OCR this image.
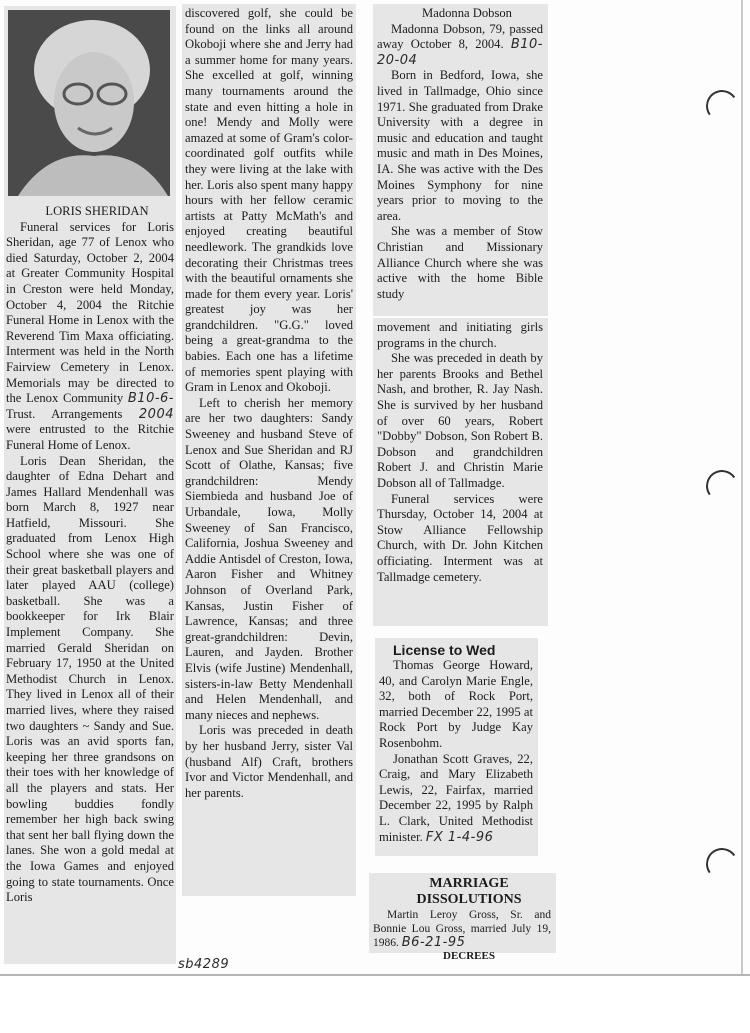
LORIS SHERIDAN

Funeral services for Loris Sheridan, age 77 of Lenox who died Saturday, October 2, 2004 at Greater Community Hospital in Creston were held Monday, October 4, 2004 the Ritchie Funeral Home in Lenox with the Reverend Tim Maxa officiating. Interment was held in the North Fairview Cemetery in Lenox. Memorials may be directed to the Lenox Community B10-6- Trust. Arrangements 2004 were entrusted to the Ritchie Funeral Home of Lenox.

Loris Dean Sheridan, the daughter of Edna Dehart and James Hallard Mendenhall was born March 8, 1927 near Hatfield, Missouri. She graduated from Lenox High School where she was one of their great basketball players and later played AAU (college) basketball. She was a bookkeeper for Irk Blair Implement Company. She married Gerald Sheridan on February 17, 1950 at the United Methodist Church in Lenox. They lived in Lenox all of their married lives, where they raised two daughters ~ Sandy and Sue. Loris was an avid sports fan, keeping her three grandsons on their toes with her knowledge of all the players and stats. Her bowling buddies fondly remember her high back swing that sent her ball flying down the lanes. She won a gold medal at the Iowa Games and enjoyed going to state tournaments. Once Loris

discovered golf, she could be found on the links all around Okoboji where she and Jerry had a summer home for many years. She excelled at golf, winning many tournaments around the state and even hitting a hole in one! Mendy and Molly were amazed at some of Gram's color-coordinated golf outfits while they were living at the lake with her. Loris also spent many happy hours with her fellow ceramic artists at Patty McMath's and enjoyed creating beautiful needlework. The grandkids love decorating their Christmas trees with the beautiful ornaments she made for them every year. Loris' greatest joy was her grandchildren. "G.G." loved being a great-grandma to the babies. Each one has a lifetime of memories spent playing with Gram in Lenox and Okoboji.

Left to cherish her memory are her two daughters: Sandy Sweeney and husband Steve of Lenox and Sue Sheridan and RJ Scott of Olathe, Kansas; five grandchildren: Mendy Siembieda and husband Joe of Urbandale, Iowa, Molly Sweeney of San Francisco, California, Joshua Sweeney and Addie Antisdel of Creston, Iowa, Aaron Fisher and Whitney Johnson of Overland Park, Kansas, Justin Fisher of Lawrence, Kansas; and three great-grandchildren: Devin, Lauren, and Jayden. Brother Elvis (wife Justine) Mendenhall, sisters-in-law Betty Mendenhall and Helen Mendenhall, and many nieces and nephews.

Loris was preceded in death by her husband Jerry, sister Val (husband Alf) Craft, brothers Ivor and Victor Mendenhall, and her parents.

Madonna Dobson

Madonna Dobson, 79, passed away October 8, 2004. B10-20-04

Born in Bedford, Iowa, she lived in Tallmadge, Ohio since 1971. She graduated from Drake University with a degree in music and education and taught music and math in Des Moines, IA. She was active with the Des Moines Symphony for nine years prior to moving to the area.

She was a member of Stow Christian and Missionary Alliance Church where she was active with the home Bible study

movement and initiating girls programs in the church.

She was preceded in death by her parents Brooks and Bethel Nash, and brother, R. Jay Nash. She is survived by her husband of over 60 years, Robert "Dobby" Dobson, Son Robert B. Dobson and grandchildren Robert J. and Christin Marie Dobson all of Tallmadge.

Funeral services were Thursday, October 14, 2004 at Stow Alliance Fellowship Church, with Dr. John Kitchen officiating. Interment was at Tallmadge cemetery.

License to Wed

Thomas George Howard, 40, and Carolyn Marie Engle, 32, both of Rock Port, married December 22, 1995 at Rock Port by Judge Kay Rosenbohm.

Jonathan Scott Graves, 22, Craig, and Mary Elizabeth Lewis, 22, Fairfax, married December 22, 1995 by Ralph L. Clark, United Methodist minister. FX 1-4-96

MARRIAGE

DISSOLUTIONS

Martin Leroy Gross, Sr. and Bonnie Lou Gross, married July 19, 1986. B6-21-95

DECREES

sb4289
